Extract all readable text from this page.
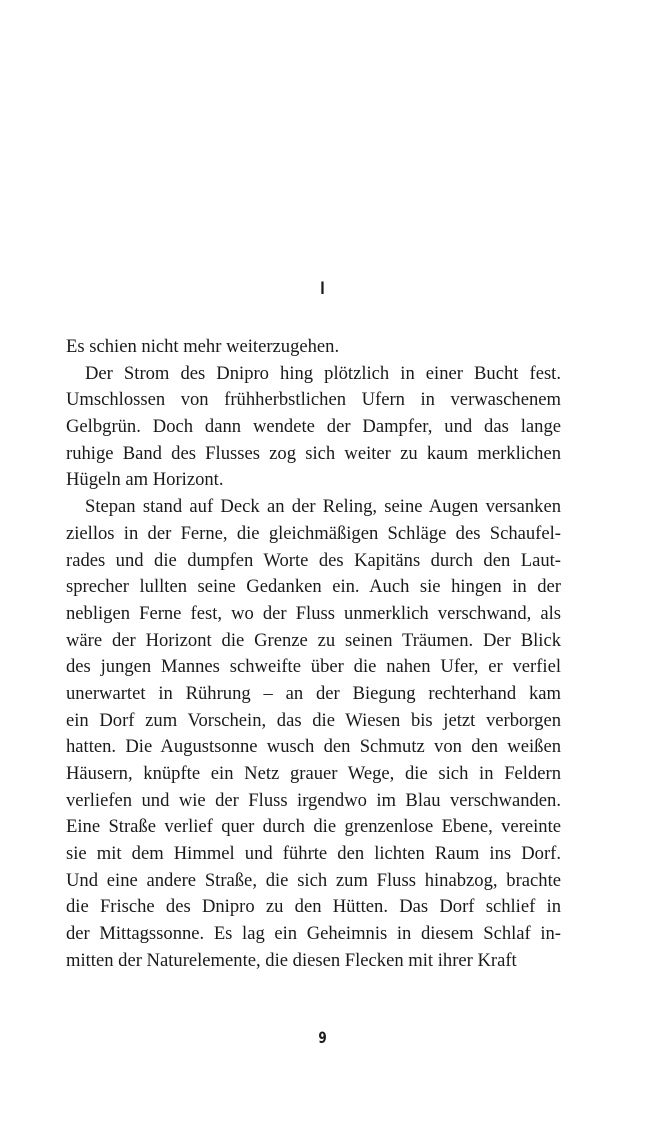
I

Es schien nicht mehr weiterzugehen.

Der Strom des Dnipro hing plötzlich in einer Bucht fest.
Umschlossen von frühherbstlichen Ufern in verwaschenem
Gelbgrün. Doch dann wendete der Dampfer, und das lange
ruhige Band des Flusses zog sich weiter zu kaum merklichen
Hügeln am Horizont.

Stepan stand auf Deck an der Reling, seine Augen versanken
ziellos in der Ferne, die gleichmäßigen Schläge des Schaufel-
rades und die dumpfen Worte des Kapitäns durch den Laut-
sprecher lullten seine Gedanken ein. Auch sie hingen in der
nebligen Ferne fest, wo der Fluss unmerklich verschwand, als
wäre der Horizont die Grenze zu seinen Träumen. Der Blick
des jungen Mannes schweifte über die nahen Ufer, er verfiel
unerwartet in Rührung – an der Biegung rechterhand kam
ein Dorf zum Vorschein, das die Wiesen bis jetzt verborgen
hatten. Die Augustsonne wusch den Schmutz von den weißen
Häusern, knüpfte ein Netz grauer Wege, die sich in Feldern
verliefen und wie der Fluss irgendwo im Blau verschwanden.
Eine Straße verlief quer durch die grenzenlose Ebene, vereinte
sie mit dem Himmel und führte den lichten Raum ins Dorf.
Und eine andere Straße, die sich zum Fluss hinabzog, brachte
die Frische des Dnipro zu den Hütten. Das Dorf schlief in
der Mittagssonne. Es lag ein Geheimnis in diesem Schlaf in-
mitten der Naturelemente, die diesen Flecken mit ihrer Kraft

9
